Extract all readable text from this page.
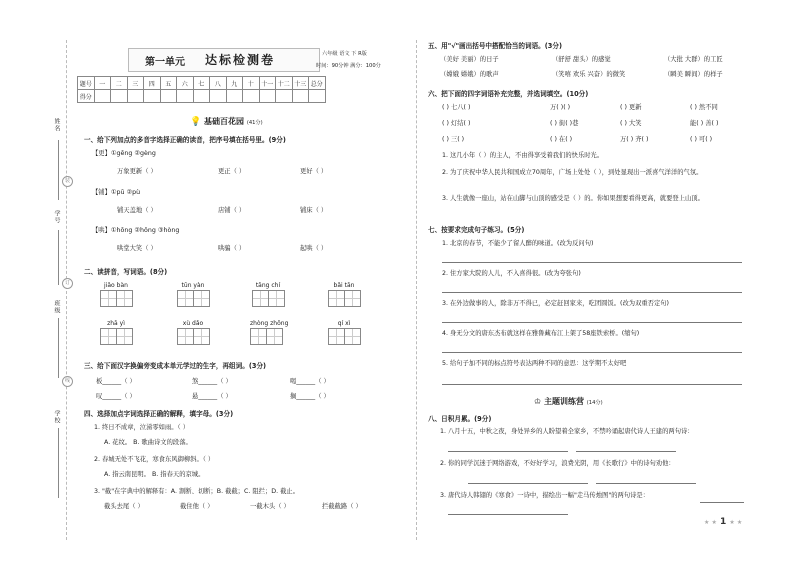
装
订
线
姓名
学号
班级
学校
第一单元 达标检测卷	六年级 语文 下 R版
时间：90分钟 满分：100分
题号	一	二	三	四	五	六	七	八	九	十	十一	十二	十三	总分
得分														
💡 基础百花园 (41分)
一、给下列加点的多音字选择正确的读音，把序号填在括号里。(9分)
【更】①gēng ②gèng
万象更新（ ）	更正（ ）	更好（ ）
【铺】①pū ②pù
铺天盖地（ ）	店铺（ ）	铺床（ ）
【哄】①hōng ②hǒng ③hòng
哄堂大笑（ ）	哄骗（ ）	起哄（ ）
二、读拼音，写词语。(8分)
jiǎo bàn	tūn yàn	tāng chí	bǎi tān
zhā yì	xù dǎo	zhòng zhōng	qí xì
三、给下面汉字换偏旁变成本单元学过的生字，再组词。(3分)
板______（ ）	煞______（ ）	喝______（ ）
叹______（ ）	悬______（ ）	搁______（ ）
四、选择加点字词选择正确的解释，填字母。(3分)
1. 终日不成章，泣涕零如雨。（ ）
A. 花纹。 B. 歌曲诗文的段落。
2. 春城无处不飞花，寒食东风御柳斜。（ ）
A. 指云南昆明。 B. 指春天的京城。
3. "截"在字典中的解释有：A. 割断、切断；B. 截截；C. 阻拦；D. 截止。
截头去尾（ ）	截住他（ ）	一截木头（ ）	拦截截路（ ）
五、用"√"画出括号中搭配恰当的词语。(3分)
（美好 美丽）的日子	（舒舒 甜头）的感觉	（大批 大群）的工匠
（嫦娥 嫦娥）的歌声	（笑嘻 欢乐 兴奋）的微笑	（瞬美 瞬间）的样子
六、把下面的四字词语补充完整，并选词填空。(10分)
( ) 七八( )	万( )( )	( ) 更新	( ) 然不同
( ) 灯结( )	( ) 街( )巷	( ) 大笑	能( ) 善( )
( ) 三( )	( ) 在( )	万( ) 齐( )	( ) 可( )
1. 这几小年（ ）的主人，不由得享受着我们的快乐时光。
2. 为了庆祝中华人民共和国成立70周年，广场上处处（ ），到处显现出一派喜气洋洋的气氛。
3. 人生就像一座山，站在山脚与山顶的感受是（ ）的。你如果想要看得更高，就要登上山顶。
七、按要求完成句子练习。(5分)
1. 北京的春节，不能少了留人醉的味道。(改为反问句)
2. 住方家大院的人儿，不入喜得很。(改为夸张句)
3. 在外边做事的人，除非万不得已，必定赶回家来，吃团圆饭。(改为双重否定句)
4. 身无分文的唐东杰布就这样在雅鲁藏布江上架了58座铁索桥。(缩句)
5. 给句子加不同的标点符号表达两种不同的意思：这学期不太好吧
♔ 主题训练营 (14分)
八、日积月累。(9分)
1. 八月十五，中秋之夜，身处异乡的人盼望着全家乡，不禁吟诵起唐代诗人王建的两句诗：
2. 你的同学沉迷于网络游戏，不好好学习，浪费光阴，用《长歌行》中的诗句劝他：
3. 唐代诗人韩翃的《寒食》一诗中，描绘出一幅"走马传烛图"的两句诗是：
★ ★ 1 ★ ★
